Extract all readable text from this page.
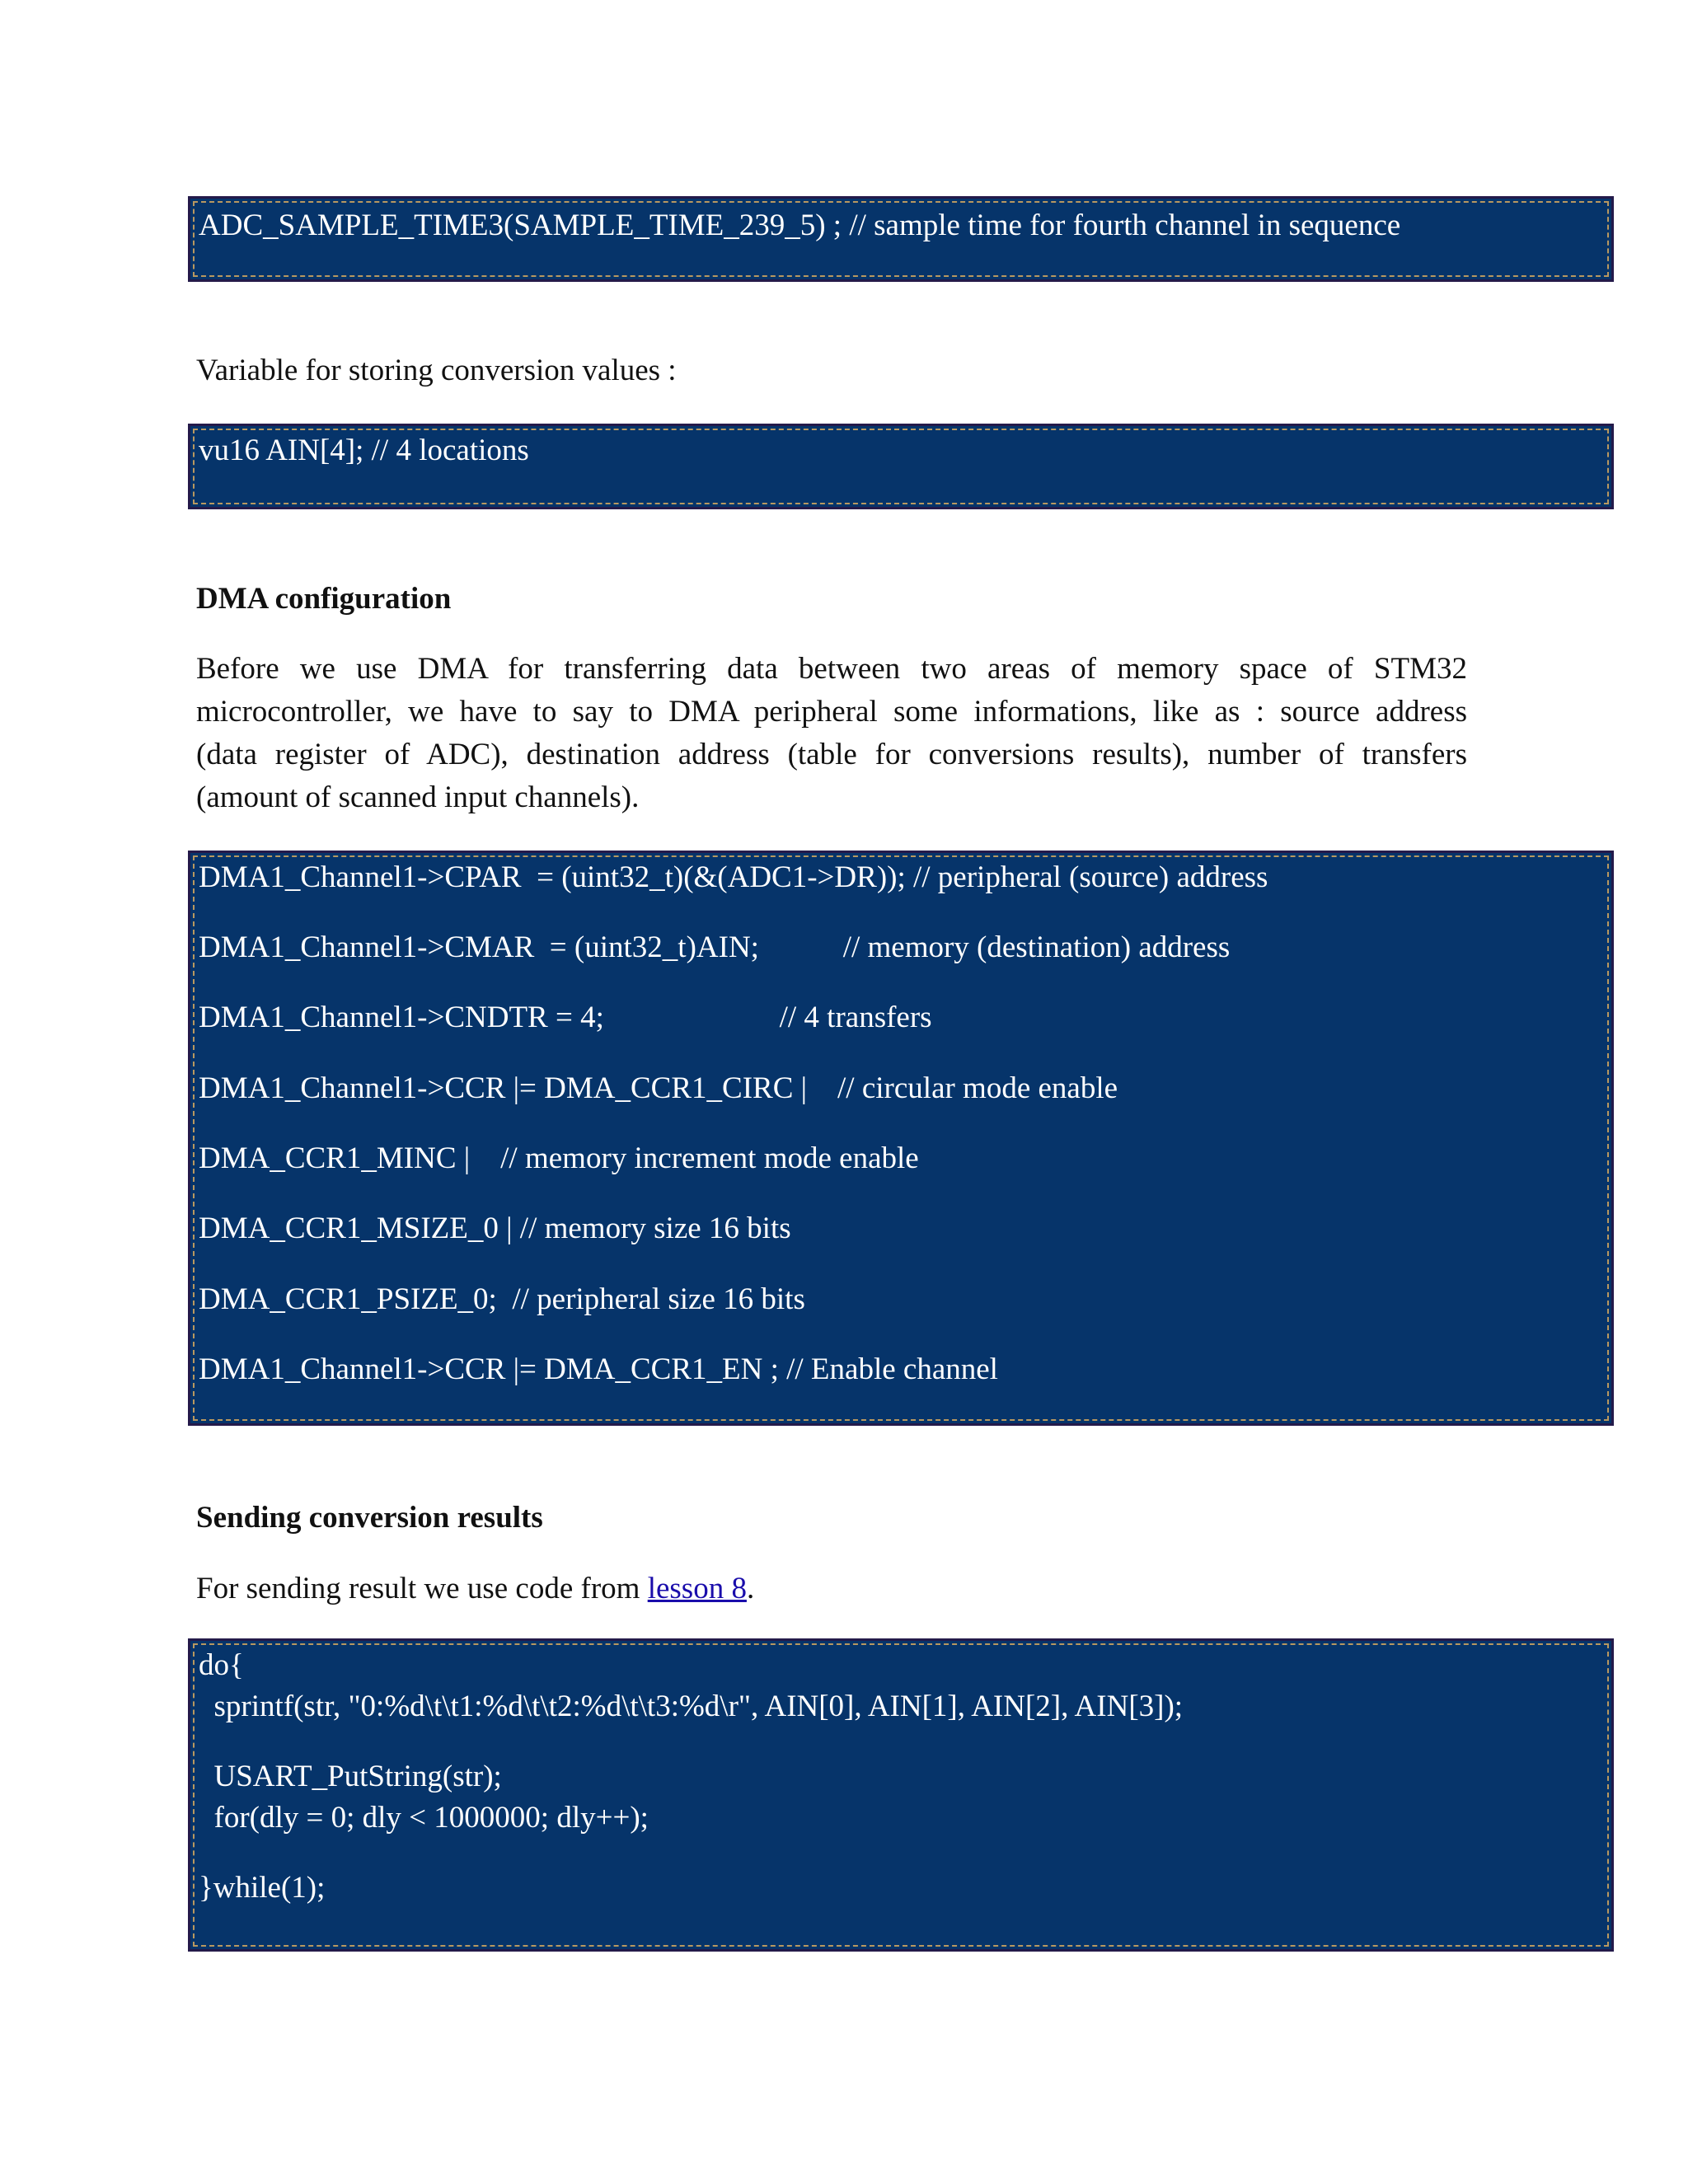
ADC_SAMPLE_TIME3(SAMPLE_TIME_239_5) ; // sample time for fourth channel in sequence
Variable for storing conversion values :
vu16 AIN[4]; // 4 locations
DMA configuration
Before we use DMA for transferring data between two areas of memory space of STM32
microcontroller, we have to say to DMA peripheral some informations, like as : source address
(data register of ADC), destination address (table for conversions results), number of transfers
(amount of scanned input channels).
DMA1_Channel1->CPAR  = (uint32_t)(&(ADC1->DR)); // peripheral (source) address
DMA1_Channel1->CMAR  = (uint32_t)AIN;           // memory (destination) address
DMA1_Channel1->CNDTR = 4;                       // 4 transfers
DMA1_Channel1->CCR |= DMA_CCR1_CIRC |    // circular mode enable
DMA_CCR1_MINC |    // memory increment mode enable
DMA_CCR1_MSIZE_0 | // memory size 16 bits
DMA_CCR1_PSIZE_0;  // peripheral size 16 bits
DMA1_Channel1->CCR |= DMA_CCR1_EN ; // Enable channel
Sending conversion results
For sending result we use code from lesson 8.
do{
sprintf(str, "0:%d\t\t1:%d\t\t2:%d\t\t3:%d\r", AIN[0], AIN[1], AIN[2], AIN[3]);
USART_PutString(str);
for(dly = 0; dly < 1000000; dly++);
}while(1);
